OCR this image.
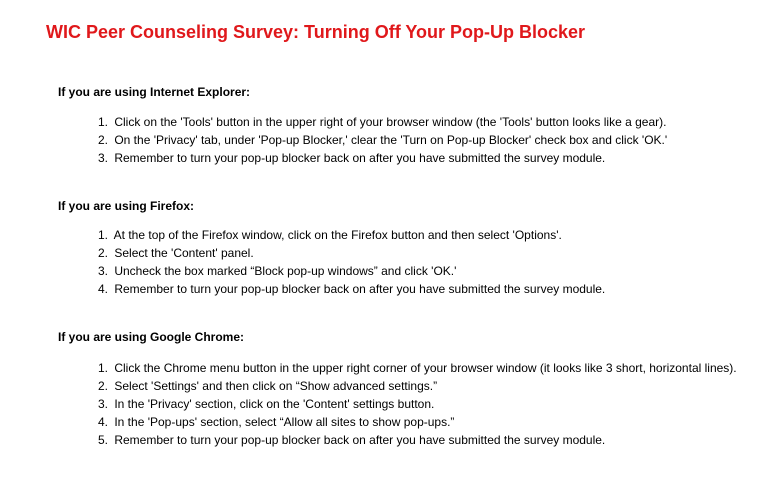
WIC Peer Counseling Survey: Turning Off Your Pop-Up Blocker
If you are using Internet Explorer:
1. Click on the 'Tools' button in the upper right of your browser window (the 'Tools' button looks like a gear).
2. On the 'Privacy' tab, under 'Pop-up Blocker,' clear the 'Turn on Pop-up Blocker' check box and click 'OK.'
3. Remember to turn your pop-up blocker back on after you have submitted the survey module.
If you are using Firefox:
1. At the top of the Firefox window, click on the Firefox button and then select 'Options'.
2. Select the 'Content' panel.
3. Uncheck the box marked “Block pop-up windows” and click 'OK.'
4. Remember to turn your pop-up blocker back on after you have submitted the survey module.
If you are using Google Chrome:
1. Click the Chrome menu button in the upper right corner of your browser window (it looks like 3 short, horizontal lines).
2. Select 'Settings' and then click on “Show advanced settings.”
3. In the 'Privacy' section, click on the 'Content' settings button.
4. In the 'Pop-ups' section, select “Allow all sites to show pop-ups.”
5. Remember to turn your pop-up blocker back on after you have submitted the survey module.
